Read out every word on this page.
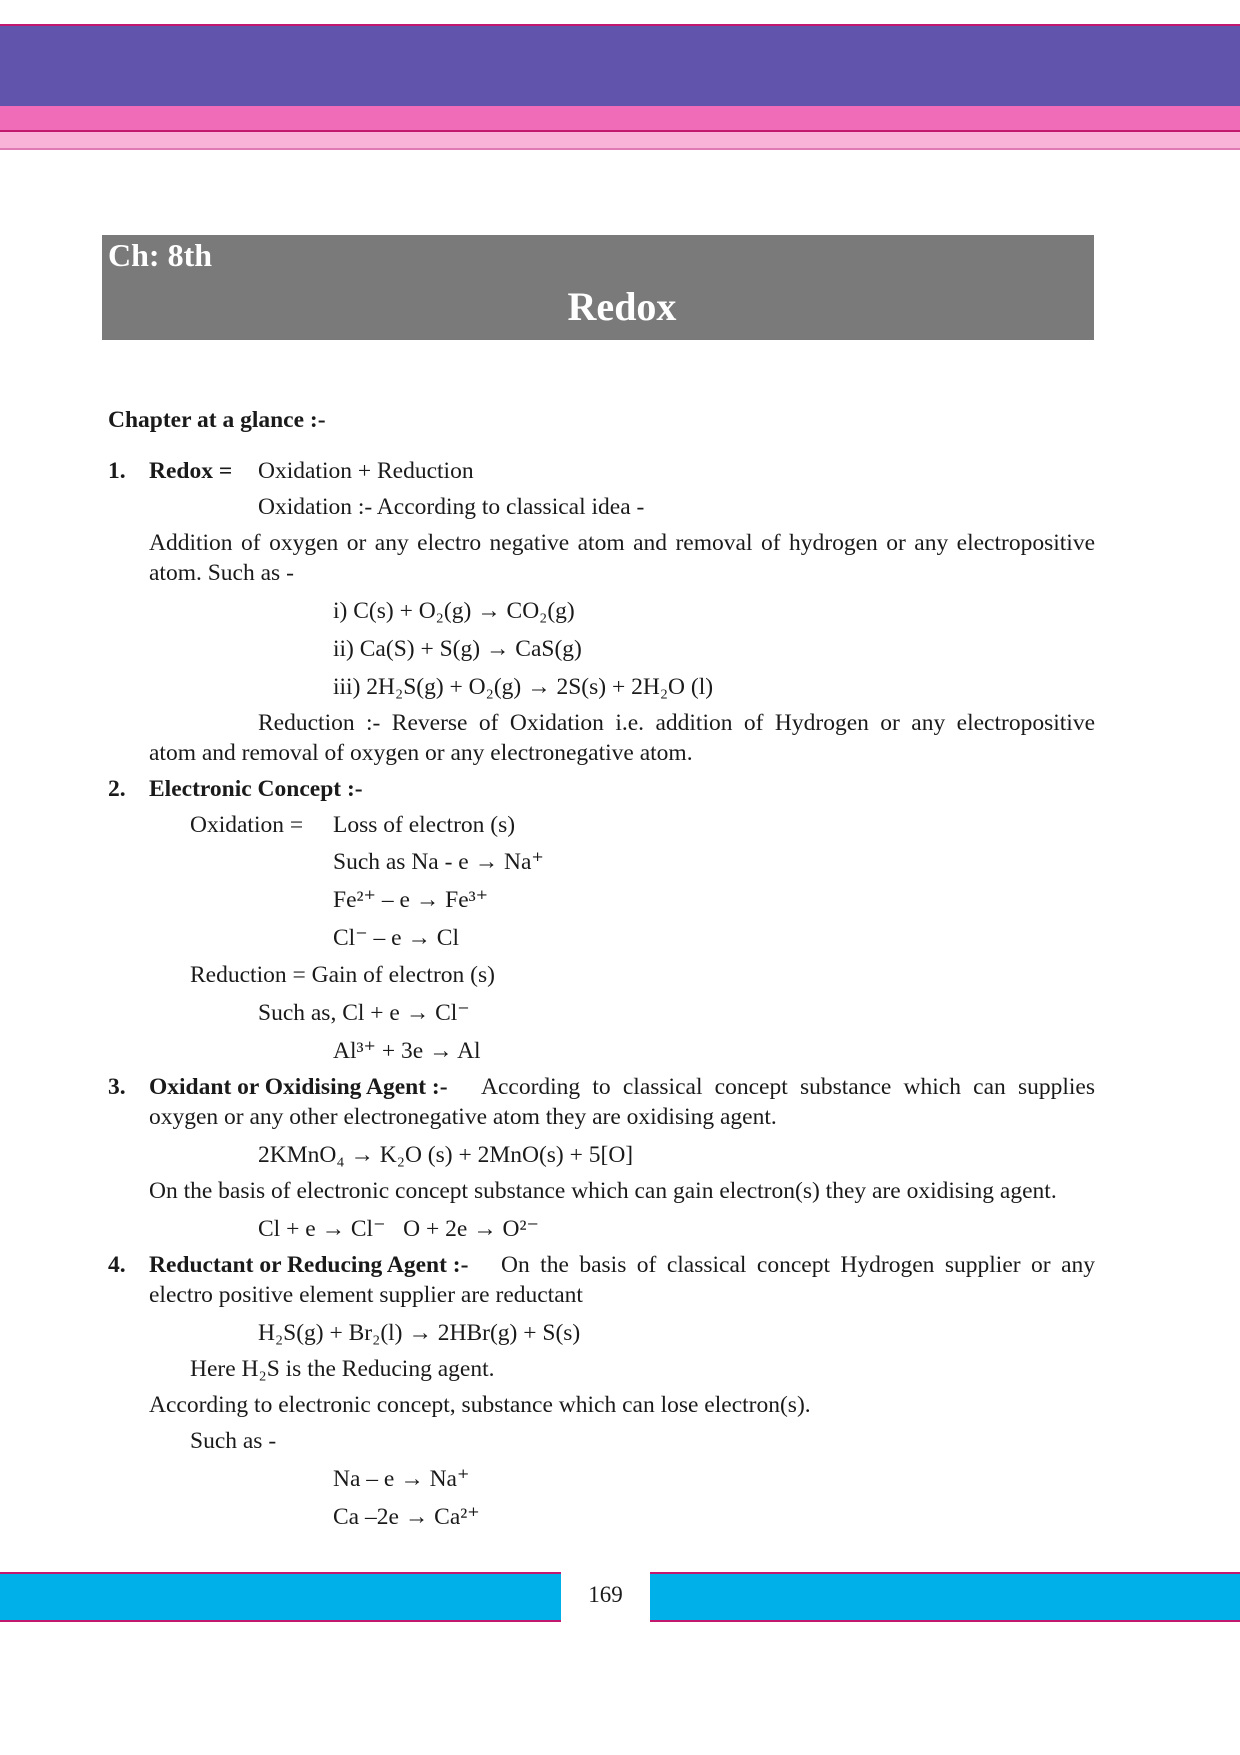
Ch: 8th
Redox
Chapter at a glance :-
1. Redox = Oxidation + Reduction
Oxidation :- According to classical idea -
Addition of oxygen or any electro negative atom and removal of hydrogen or any electropositive atom. Such as -
i) C(s) + O₂(g) → CO₂(g)
ii) Ca(S) + S(g) → CaS(g)
iii) 2H₂S(g) + O₂(g) → 2S(s) + 2H₂O (l)
Reduction :- Reverse of Oxidation i.e. addition of Hydrogen or any electropositive
atom and removal of oxygen or any electronegative atom.
2. Electronic Concept :-
Oxidation = Loss of electron (s)
Such as Na - e → Na⁺
Fe²⁺ – e → Fe³⁺
Cl⁻ – e → Cl
Reduction = Gain of electron (s)
Such as, Cl + e → Cl⁻
Al³⁺ + 3e → Al
3.	According to classical concept substance which can supplies oxygen or any other electronegative atom they are oxidising agent.
Oxidant or Oxidising Agent :-
2KMnO₄ → K₂O (s) + 2MnO(s) + 5[O]
On the basis of electronic concept substance which can gain electron(s) they are oxidising agent.
Cl + e → Cl⁻   O + 2e → O²⁻
4.	On the basis of classical concept Hydrogen supplier or any electro positive element supplier are reductant
Reductant or Reducing Agent :-
H₂S(g) + Br₂(l) → 2HBr(g) + S(s)
Here H₂S is the Reducing agent.
According to electronic concept, substance which can lose electron(s).
Such as -
Na – e → Na⁺
Ca –2e → Ca²⁺
169
